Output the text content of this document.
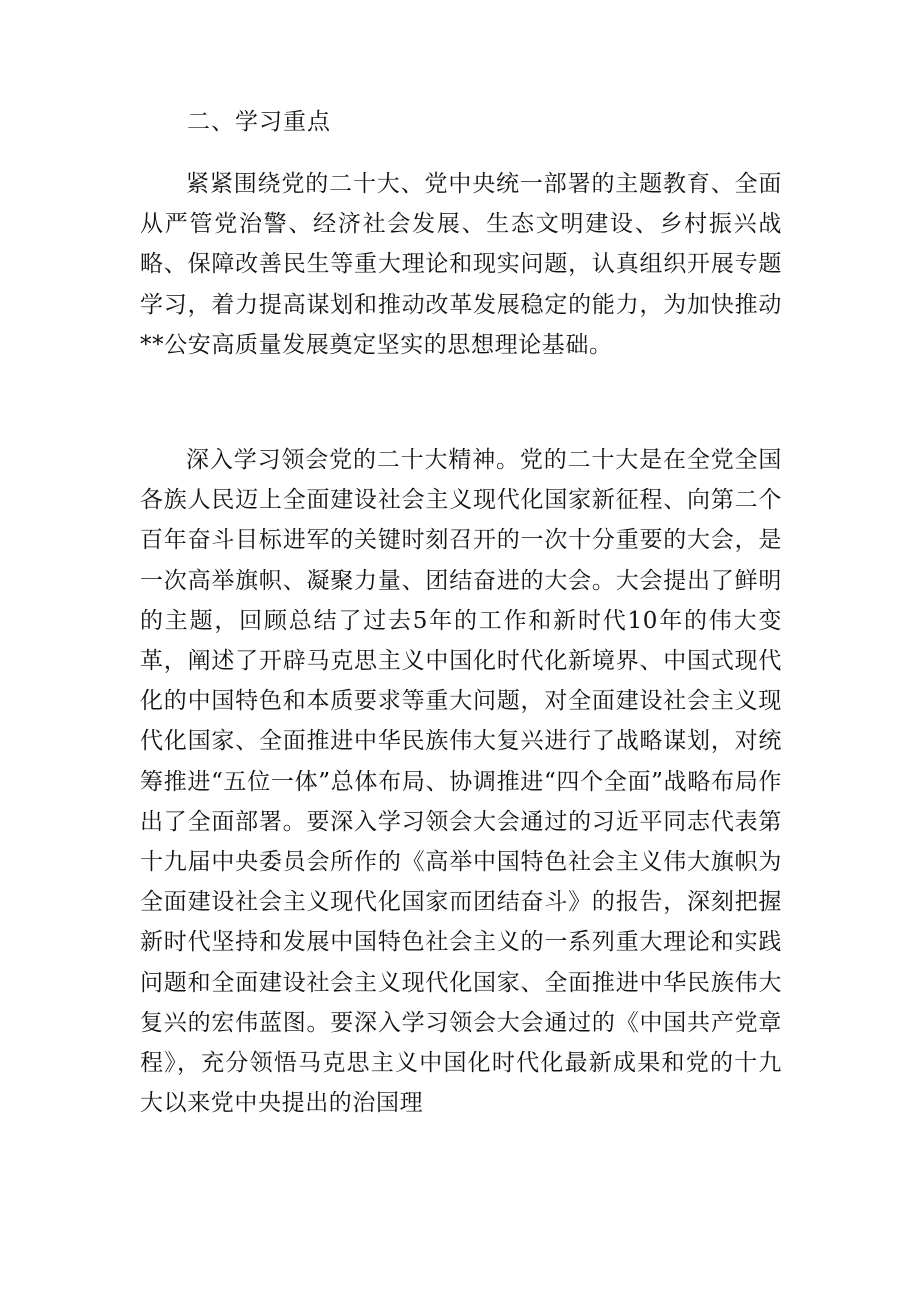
二、学习重点

紧紧围绕党的二十大、党中央统一部署的主题教育、全面从严管党治警、经济社会发展、生态文明建设、乡村振兴战略、保障改善民生等重大理论和现实问题，认真组织开展专题学习，着力提高谋划和推动改革发展稳定的能力，为加快推动**公安高质量发展奠定坚实的思想理论基础。

深入学习领会党的二十大精神。党的二十大是在全党全国各族人民迈上全面建设社会主义现代化国家新征程、向第二个百年奋斗目标进军的关键时刻召开的一次十分重要的大会，是一次高举旗帜、凝聚力量、团结奋进的大会。大会提出了鲜明的主题，回顾总结了过去5年的工作和新时代10年的伟大变革，阐述了开辟马克思主义中国化时代化新境界、中国式现代化的中国特色和本质要求等重大问题，对全面建设社会主义现代化国家、全面推进中华民族伟大复兴进行了战略谋划，对统筹推进“五位一体”总体布局、协调推进“四个全面”战略布局作出了全面部署。要深入学习领会大会通过的习近平同志代表第十九届中央委员会所作的《高举中国特色社会主义伟大旗帜为全面建设社会主义现代化国家而团结奋斗》的报告，深刻把握新时代坚持和发展中国特色社会主义的一系列重大理论和实践问题和全面建设社会主义现代化国家、全面推进中华民族伟大复兴的宏伟蓝图。要深入学习领会大会通过的《中国共产党章程》，充分领悟马克思主义中国化时代化最新成果和党的十九大以来党中央提出的治国理
